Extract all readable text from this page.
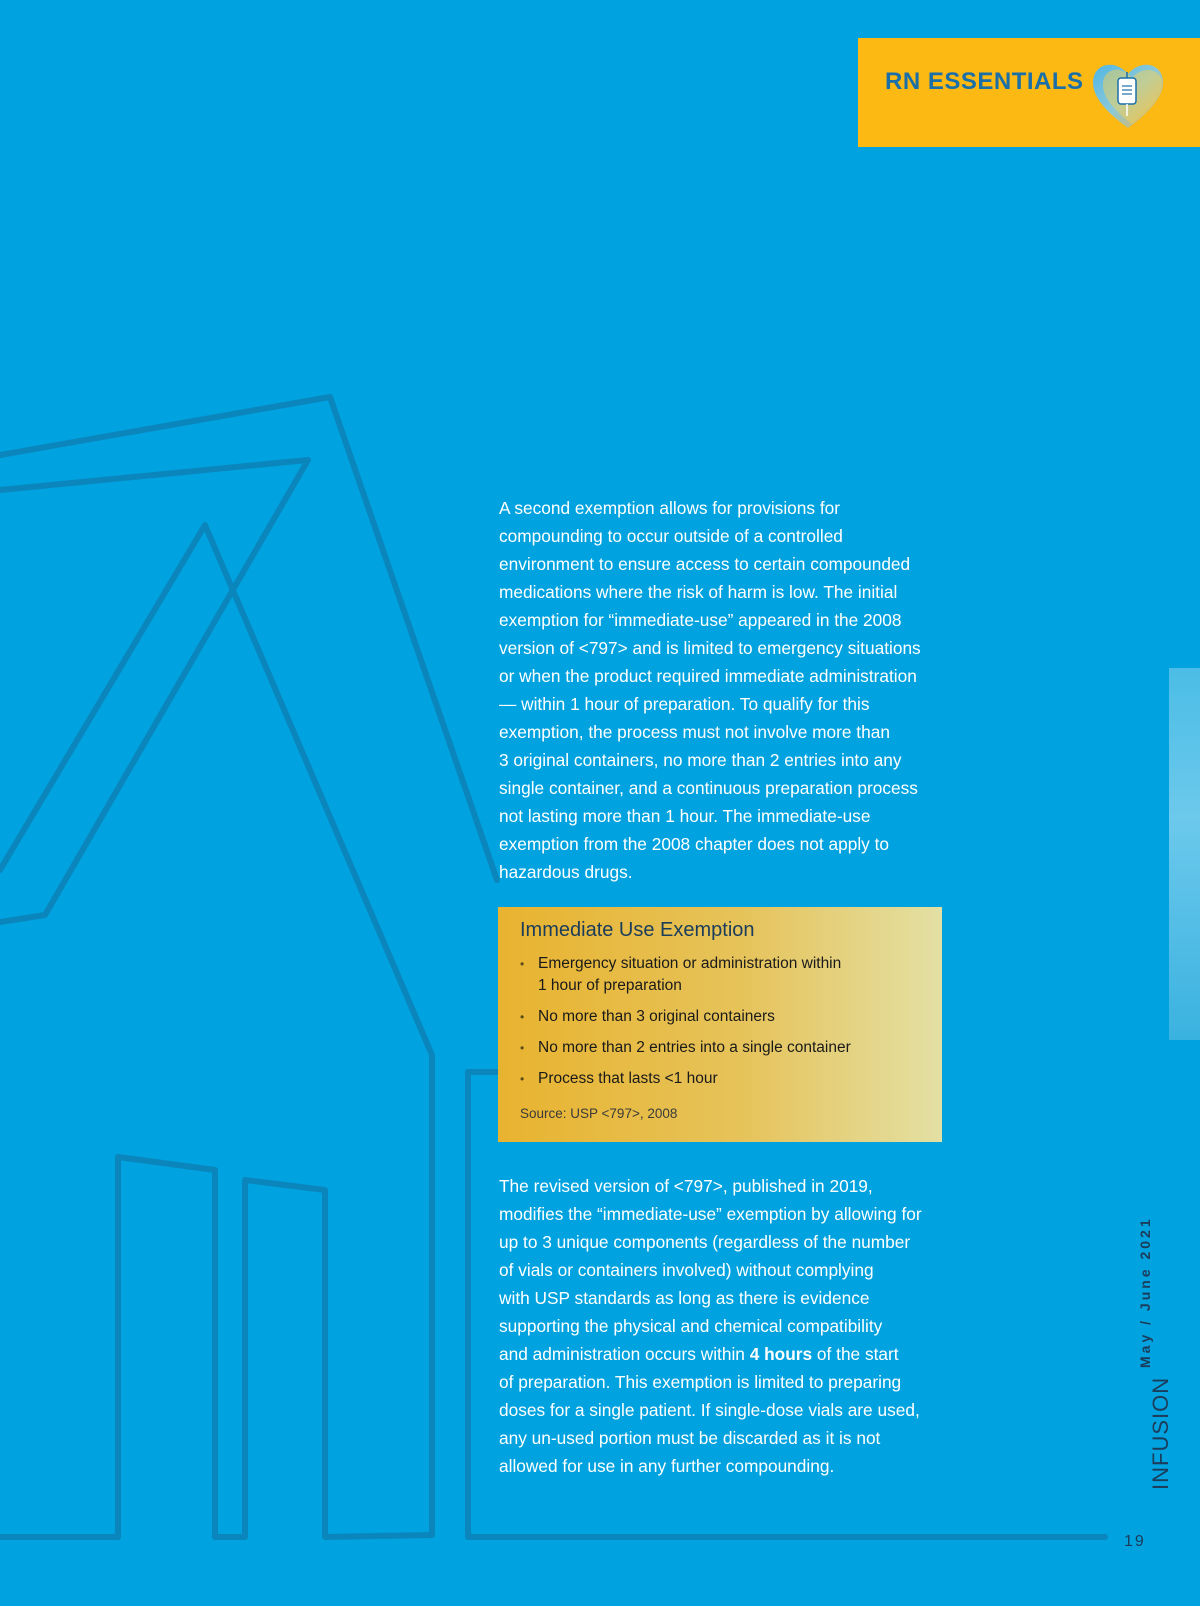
RN ESSENTIALS
A second exemption allows for provisions for
compounding to occur outside of a controlled
environment to ensure access to certain compounded
medications where the risk of harm is low. The initial
exemption for “immediate-use” appeared in the 2008
version of <797> and is limited to emergency situations
or when the product required immediate administration
— within 1 hour of preparation. To qualify for this
exemption, the process must not involve more than
3 original containers, no more than 2 entries into any
single container, and a continuous preparation process
not lasting more than 1 hour. The immediate-use
exemption from the 2008 chapter does not apply to
hazardous drugs.
Immediate Use Exemption
• Emergency situation or administration within
1 hour of preparation
• No more than 3 original containers
• No more than 2 entries into a single container
• Process that lasts <1 hour
Source: USP <797>, 2008
The revised version of <797>, published in 2019,
modifies the “immediate-use” exemption by allowing for
up to 3 unique components (regardless of the number
of vials or containers involved) without complying
with USP standards as long as there is evidence
supporting the physical and chemical compatibility
and administration occurs within 4 hours of the start
of preparation. This exemption is limited to preparing
doses for a single patient. If single-dose vials are used,
any un-used portion must be discarded as it is not
allowed for use in any further compounding.
May / June 2021
INFUSION
19
